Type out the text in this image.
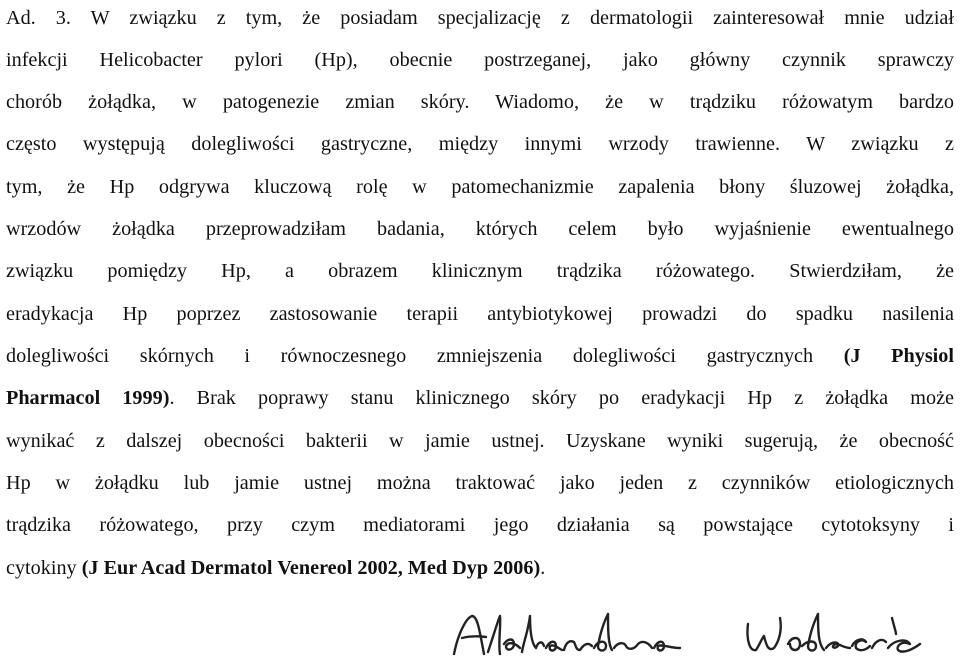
Ad. 3. W związku z tym, że posiadam specjalizację z dermatologii zainteresował mnie udział
infekcji Helicobacter pylori (Hp), obecnie postrzeganej, jako główny czynnik sprawczy
chorób żołądka, w patogenezie zmian skóry. Wiadomo, że w trądziku różowatym bardzo
często występują dolegliwości gastryczne, między innymi wrzody trawienne. W związku z
tym, że Hp odgrywa kluczową rolę w patomechanizmie zapalenia błony śluzowej żołądka,
wrzodów żołądka przeprowadziłam badania, których celem było wyjaśnienie ewentualnego
związku pomiędzy Hp, a obrazem klinicznym trądzika różowatego. Stwierdziłam, że
eradykacja Hp poprzez zastosowanie terapii antybiotykowej prowadzi do spadku nasilenia
dolegliwości skórnych i równoczesnego zmniejszenia dolegliwości gastrycznych (J Physiol
Pharmacol 1999). Brak poprawy stanu klinicznego skóry po eradykacji Hp z żołądka może
wynikać z dalszej obecności bakterii w jamie ustnej. Uzyskane wyniki sugerują, że obecność
Hp w żołądku lub jamie ustnej można traktować jako jeden z czynników etiologicznych
trądzika różowatego, przy czym mediatorami jego działania są powstające cytotoksyny i
cytokiny (J Eur Acad Dermatol Venereol 2002, Med Dyp 2006).
